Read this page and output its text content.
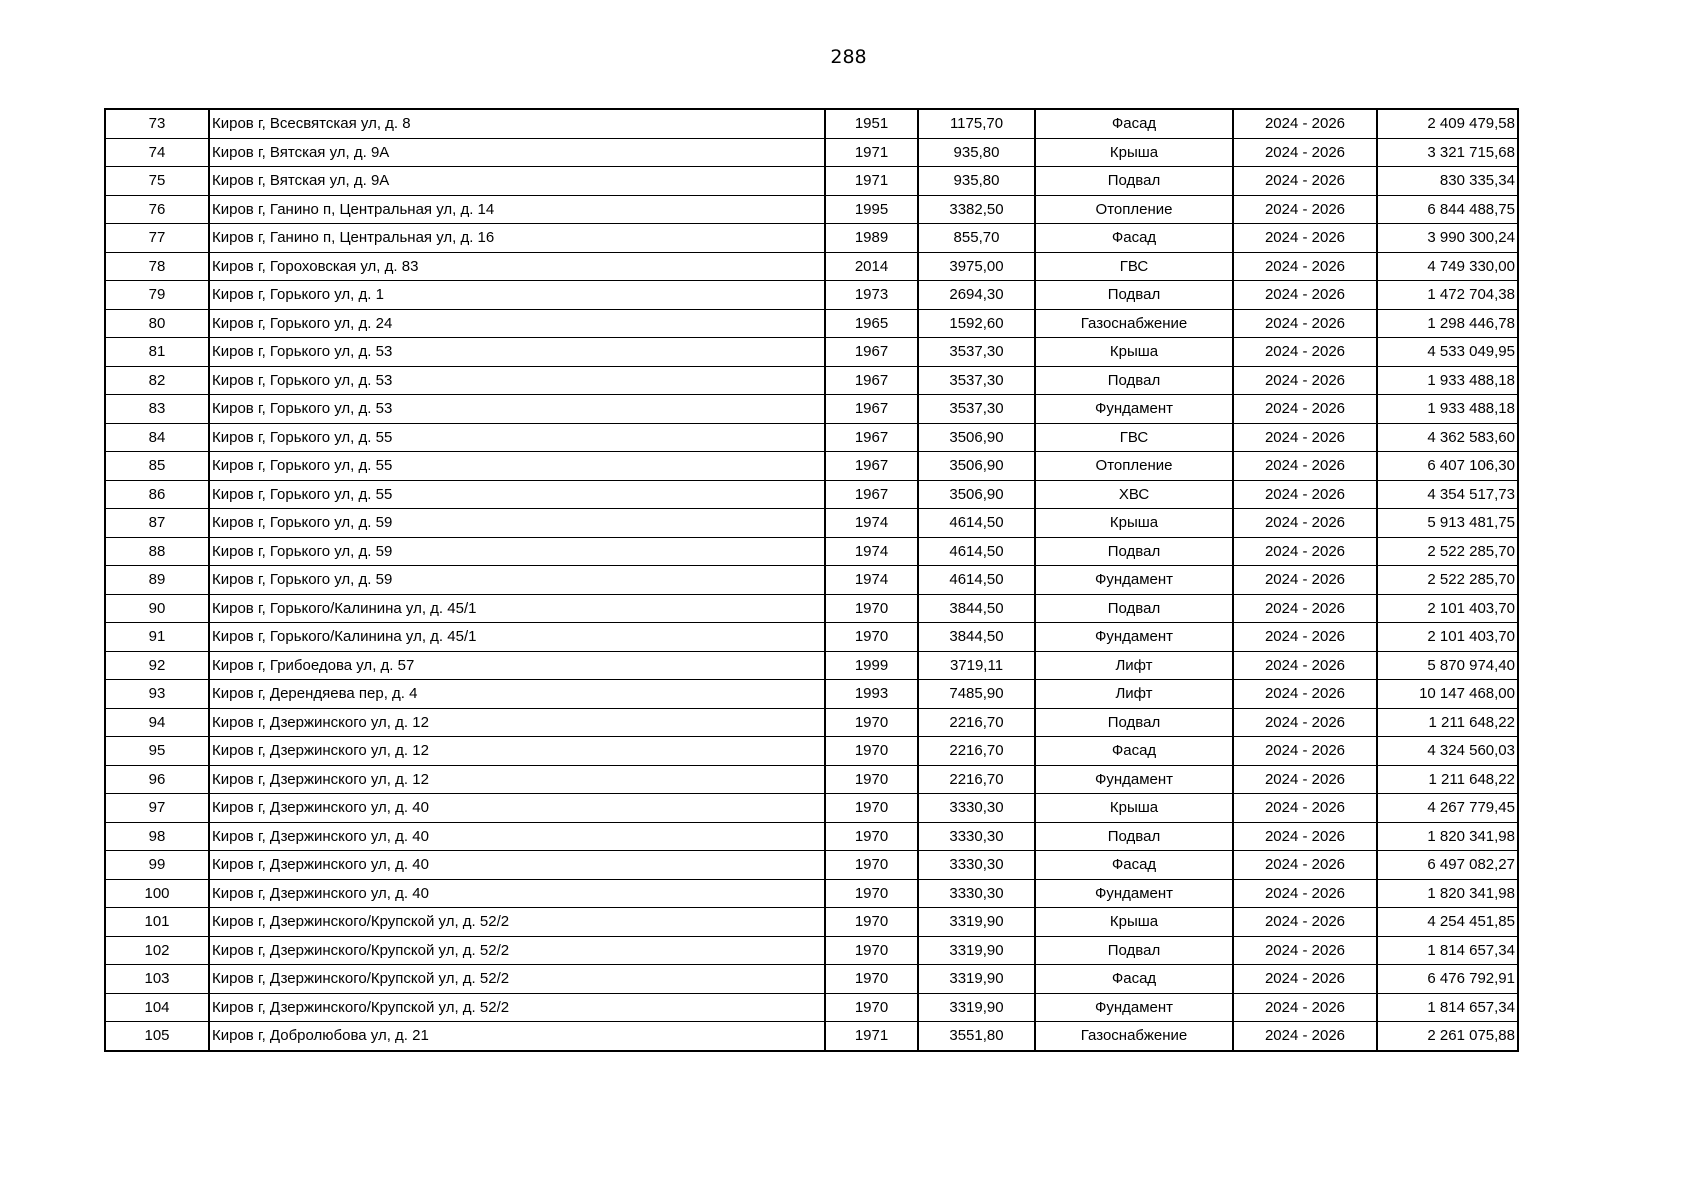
288
73	Киров г, Всесвятская ул, д. 8	1951	1175,70	Фасад	2024 - 2026	2 409 479,58
74	Киров г, Вятская ул, д. 9А	1971	935,80	Крыша	2024 - 2026	3 321 715,68
75	Киров г, Вятская ул, д. 9А	1971	935,80	Подвал	2024 - 2026	830 335,34
76	Киров г, Ганино п, Центральная ул, д. 14	1995	3382,50	Отопление	2024 - 2026	6 844 488,75
77	Киров г, Ганино п, Центральная ул, д. 16	1989	855,70	Фасад	2024 - 2026	3 990 300,24
78	Киров г, Гороховская ул, д. 83	2014	3975,00	ГВС	2024 - 2026	4 749 330,00
79	Киров г, Горького ул, д. 1	1973	2694,30	Подвал	2024 - 2026	1 472 704,38
80	Киров г, Горького ул, д. 24	1965	1592,60	Газоснабжение	2024 - 2026	1 298 446,78
81	Киров г, Горького ул, д. 53	1967	3537,30	Крыша	2024 - 2026	4 533 049,95
82	Киров г, Горького ул, д. 53	1967	3537,30	Подвал	2024 - 2026	1 933 488,18
83	Киров г, Горького ул, д. 53	1967	3537,30	Фундамент	2024 - 2026	1 933 488,18
84	Киров г, Горького ул, д. 55	1967	3506,90	ГВС	2024 - 2026	4 362 583,60
85	Киров г, Горького ул, д. 55	1967	3506,90	Отопление	2024 - 2026	6 407 106,30
86	Киров г, Горького ул, д. 55	1967	3506,90	ХВС	2024 - 2026	4 354 517,73
87	Киров г, Горького ул, д. 59	1974	4614,50	Крыша	2024 - 2026	5 913 481,75
88	Киров г, Горького ул, д. 59	1974	4614,50	Подвал	2024 - 2026	2 522 285,70
89	Киров г, Горького ул, д. 59	1974	4614,50	Фундамент	2024 - 2026	2 522 285,70
90	Киров г, Горького/Калинина ул, д. 45/1	1970	3844,50	Подвал	2024 - 2026	2 101 403,70
91	Киров г, Горького/Калинина ул, д. 45/1	1970	3844,50	Фундамент	2024 - 2026	2 101 403,70
92	Киров г, Грибоедова ул, д. 57	1999	3719,11	Лифт	2024 - 2026	5 870 974,40
93	Киров г, Дерендяева пер, д. 4	1993	7485,90	Лифт	2024 - 2026	10 147 468,00
94	Киров г, Дзержинского ул, д. 12	1970	2216,70	Подвал	2024 - 2026	1 211 648,22
95	Киров г, Дзержинского ул, д. 12	1970	2216,70	Фасад	2024 - 2026	4 324 560,03
96	Киров г, Дзержинского ул, д. 12	1970	2216,70	Фундамент	2024 - 2026	1 211 648,22
97	Киров г, Дзержинского ул, д. 40	1970	3330,30	Крыша	2024 - 2026	4 267 779,45
98	Киров г, Дзержинского ул, д. 40	1970	3330,30	Подвал	2024 - 2026	1 820 341,98
99	Киров г, Дзержинского ул, д. 40	1970	3330,30	Фасад	2024 - 2026	6 497 082,27
100	Киров г, Дзержинского ул, д. 40	1970	3330,30	Фундамент	2024 - 2026	1 820 341,98
101	Киров г, Дзержинского/Крупской ул, д. 52/2	1970	3319,90	Крыша	2024 - 2026	4 254 451,85
102	Киров г, Дзержинского/Крупской ул, д. 52/2	1970	3319,90	Подвал	2024 - 2026	1 814 657,34
103	Киров г, Дзержинского/Крупской ул, д. 52/2	1970	3319,90	Фасад	2024 - 2026	6 476 792,91
104	Киров г, Дзержинского/Крупской ул, д. 52/2	1970	3319,90	Фундамент	2024 - 2026	1 814 657,34
105	Киров г, Добролюбова ул, д. 21	1971	3551,80	Газоснабжение	2024 - 2026	2 261 075,88
